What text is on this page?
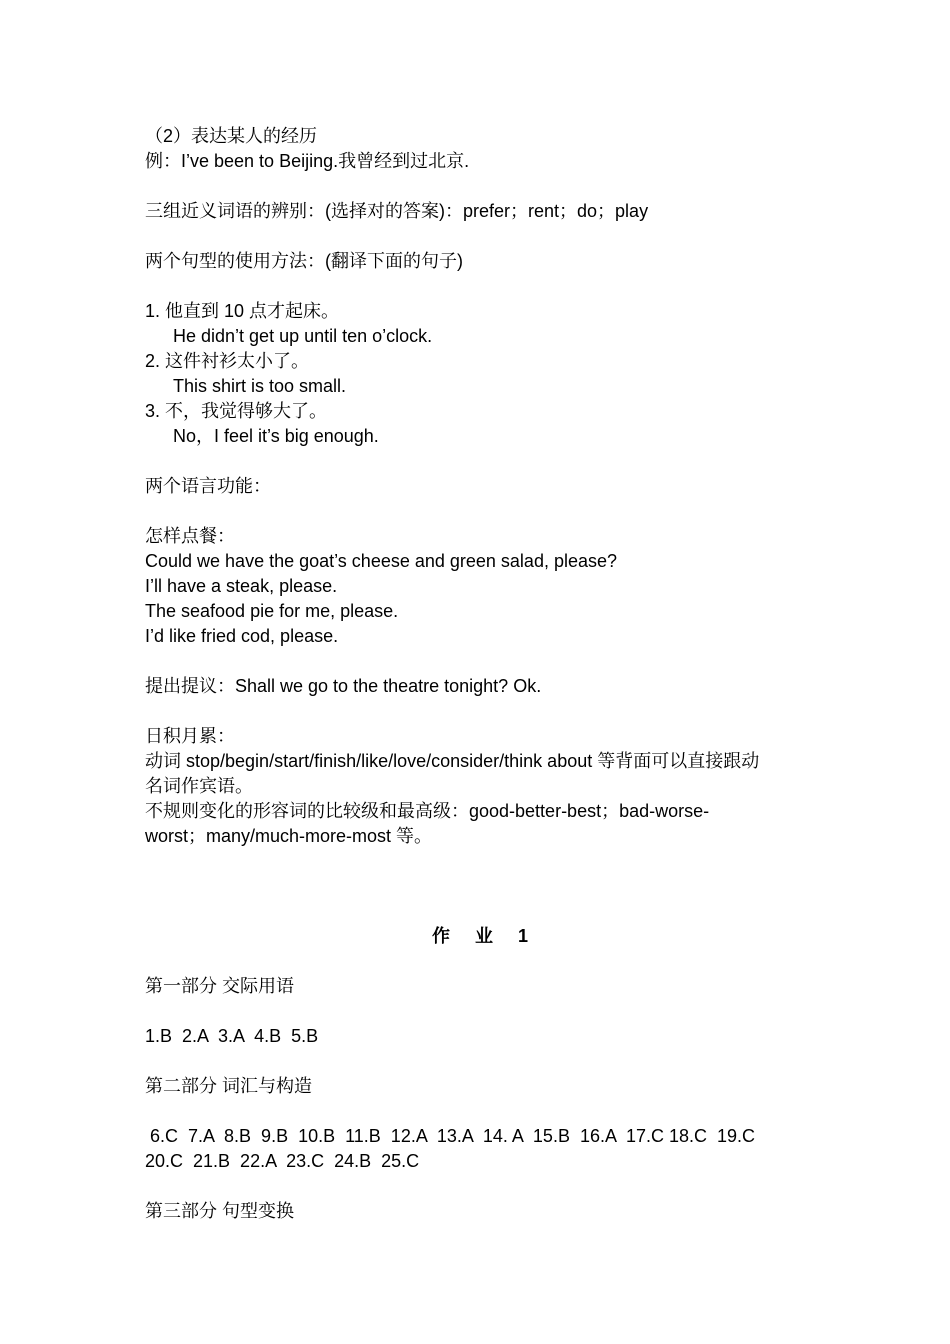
（2）表达某人的经历
例：I’ve been to Beijing.我曾经到过北京.
三组近义词语的辨别：(选择对的答案)：prefer；rent；do；play
两个句型的使用方法：(翻译下面的句子)
1. 他直到 10 点才起床。
He didn’t get up until ten o’clock.
2. 这件衬衫太小了。
This shirt is too small.
3. 不，我觉得够大了。
No，I feel it’s big enough.
两个语言功能：
怎样点餐：
Could we have the goat’s cheese and green salad, please?
I’ll have a steak, please.
The seafood pie for me, please.
I’d like fried cod, please.
提出提议：Shall we go to the theatre tonight? Ok.
日积月累：
动词 stop/begin/start/finish/like/love/consider/think about 等背面可以直接跟动
名词作宾语。
不规则变化的形容词的比较级和最高级：good-better-best；bad-worse-
worst；many/much-more-most 等。
作 业 1
第一部分 交际用语
1.B  2.A  3.A  4.B  5.B
第二部分 词汇与构造
6.C  7.A  8.B  9.B  10.B  11.B  12.A  13.A  14. A  15.B  16.A  17.C 18.C  19.C
20.C  21.B  22.A  23.C  24.B  25.C
第三部分 句型变换
